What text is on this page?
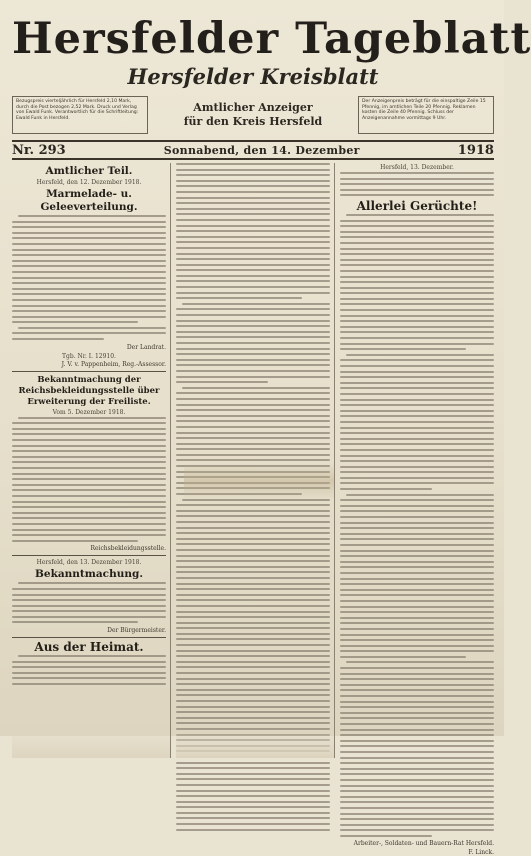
Hersfelder Tageblatt
Hersfelder Kreisblatt
Bezugspreis vierteljährlich für Hersfeld 2,10 Mark, durch die Post bezogen 2,52 Mark. Druck und Verlag von Ewald Funk. Verantwortlich für die Schriftleitung: Ewald Funk in Hersfeld.
Amtlicher Anzeiger
für den Kreis Hersfeld
Der Anzeigenpreis beträgt für die einspaltige Zeile 15 Pfennig, im amtlichen Teile 20 Pfennig. Reklamen kosten die Zeile 40 Pfennig. Schluss der Anzeigenannahme vormittags 9 Uhr.
Nr. 293	Sonnabend, den 14. Dezember	1918
Amtlicher Teil.
Hersfeld, den 12. Dezember 1918.
Marmelade- u. Geleeverteilung.
Der Landrat.
Tgb. Nr. I. 12910.
J. V. v. Pappenheim, Reg.-Assessor.
Bekanntmachung der Reichsbekleidungsstelle über Erweiterung der Freiliste.
Vom 5. Dezember 1918.
Reichsbekleidungsstelle.
Hersfeld, den 13. Dezember 1918.
Bekanntmachung.
Der Bürgermeister.
Aus der Heimat.
Hersfeld, 13. Dezember.
Allerlei Gerüchte!
Arbeiter-, Soldaten- und Bauern-Rat Hersfeld.
F. Linck.
